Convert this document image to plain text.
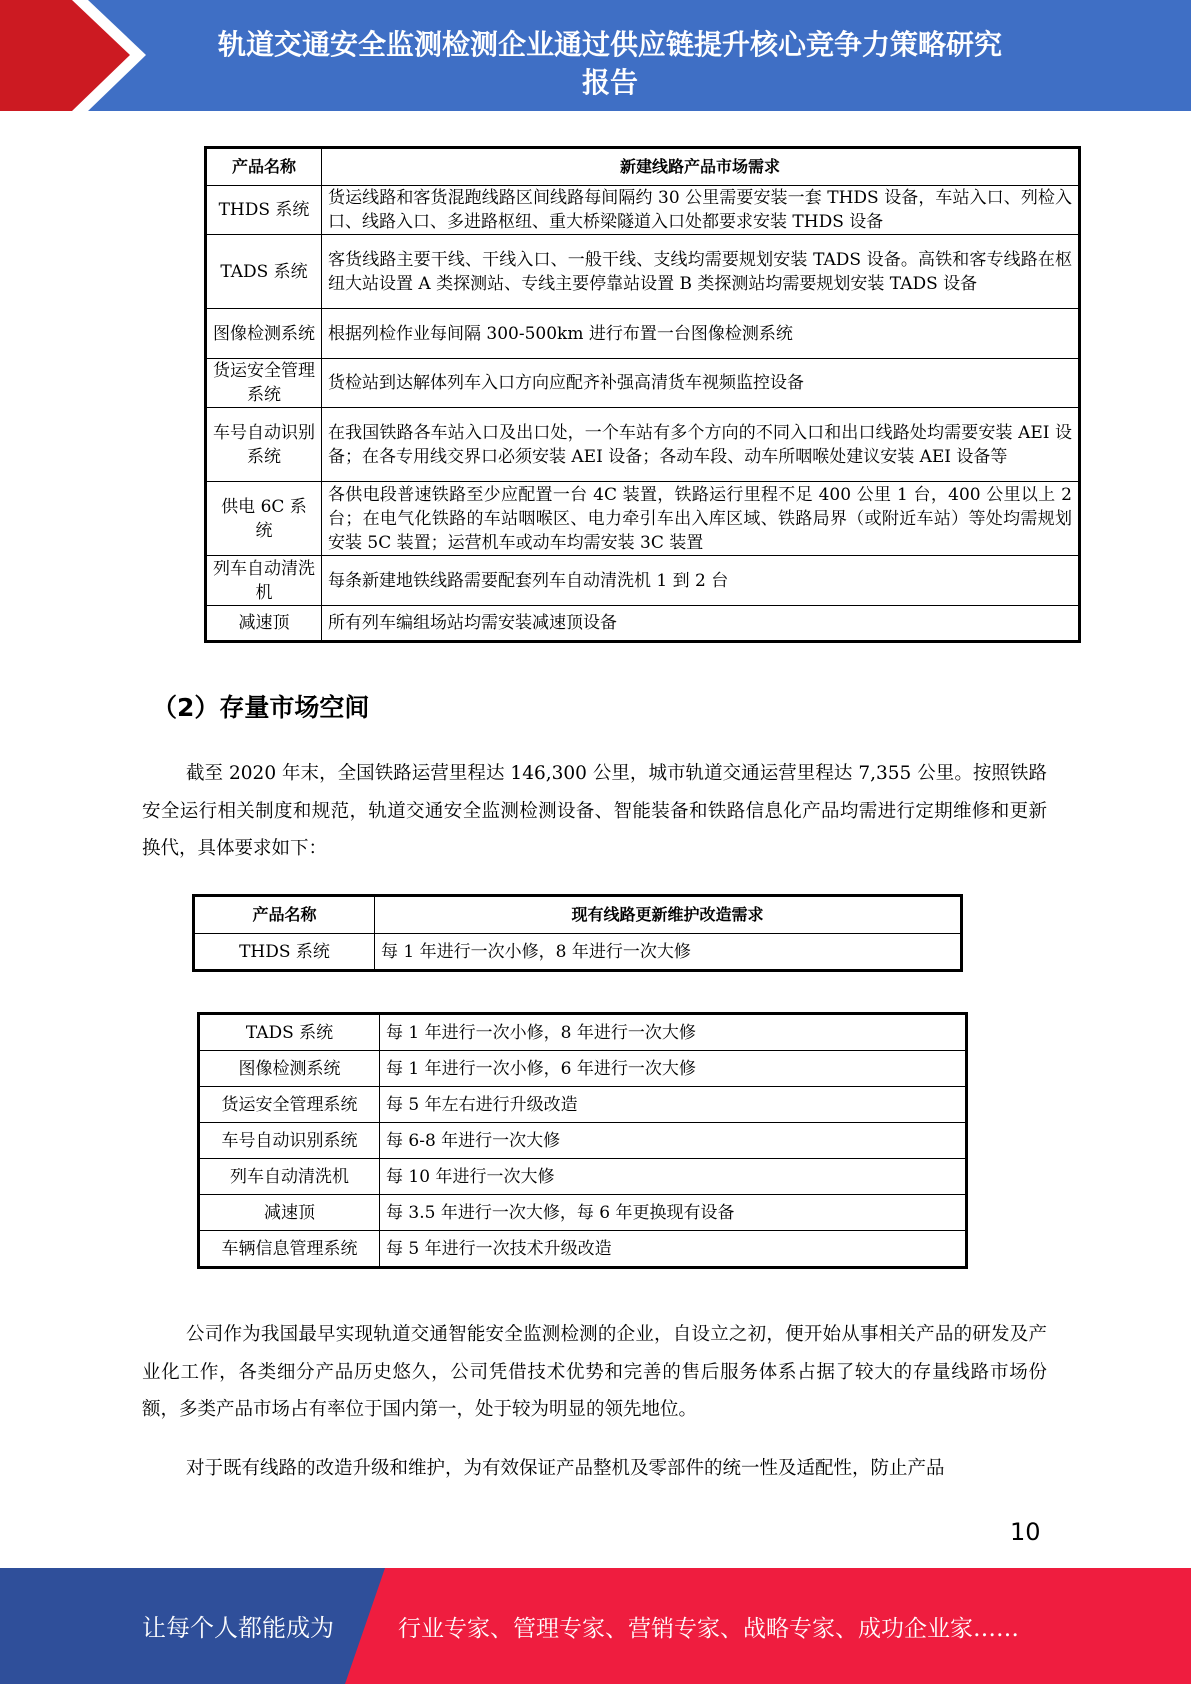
轨道交通安全监测检测企业通过供应链提升核心竞争力策略研究
报告
产品名称	新建线路产品市场需求
THDS 系统	货运线路和客货混跑线路区间线路每间隔约 30 公里需要安装一套 THDS 设备，车站入口、列检入口、线路入口、多进路枢纽、重大桥梁隧道入口处都要求安装 THDS 设备
TADS 系统	客货线路主要干线、干线入口、一般干线、支线均需要规划安装 TADS 设备。高铁和客专线路在枢纽大站设置 A 类探测站、专线主要停靠站设置 B 类探测站均需要规划安装 TADS 设备
图像检测系统	根据列检作业每间隔 300-500km 进行布置一台图像检测系统
货运安全管理系统	货检站到达解体列车入口方向应配齐补强高清货车视频监控设备
车号自动识别系统	在我国铁路各车站入口及出口处，一个车站有多个方向的不同入口和出口线路处均需要安装 AEI 设备；在各专用线交界口必须安装 AEI 设备；各动车段、动车所咽喉处建议安装 AEI 设备等
供电 6C 系统	各供电段普速铁路至少应配置一台 4C 装置，铁路运行里程不足 400 公里 1 台，400 公里以上 2 台；在电气化铁路的车站咽喉区、电力牵引车出入库区域、铁路局界（或附近车站）等处均需规划安装 5C 装置；运营机车或动车均需安装 3C 装置
列车自动清洗机	每条新建地铁线路需要配套列车自动清洗机 1 到 2 台
减速顶	所有列车编组场站均需安装减速顶设备
（2）存量市场空间
截至 2020 年末，全国铁路运营里程达 146,300 公里，城市轨道交通运营里程达 7,355 公里。按照铁路安全运行相关制度和规范，轨道交通安全监测检测设备、智能装备和铁路信息化产品均需进行定期维修和更新换代，具体要求如下：
产品名称	现有线路更新维护改造需求
THDS 系统	每 1 年进行一次小修，8 年进行一次大修
TADS 系统	每 1 年进行一次小修，8 年进行一次大修
图像检测系统	每 1 年进行一次小修，6 年进行一次大修
货运安全管理系统	每 5 年左右进行升级改造
车号自动识别系统	每 6-8 年进行一次大修
列车自动清洗机	每 10 年进行一次大修
减速顶	每 3.5 年进行一次大修，每 6 年更换现有设备
车辆信息管理系统	每 5 年进行一次技术升级改造
公司作为我国最早实现轨道交通智能安全监测检测的企业，自设立之初，便开始从事相关产品的研发及产业化工作，各类细分产品历史悠久，公司凭借技术优势和完善的售后服务体系占据了较大的存量线路市场份额，多类产品市场占有率位于国内第一，处于较为明显的领先地位。
对于既有线路的改造升级和维护，为有效保证产品整机及零部件的统一性及适配性，防止产品
10
让每个人都能成为	行业专家、管理专家、营销专家、战略专家、成功企业家……
